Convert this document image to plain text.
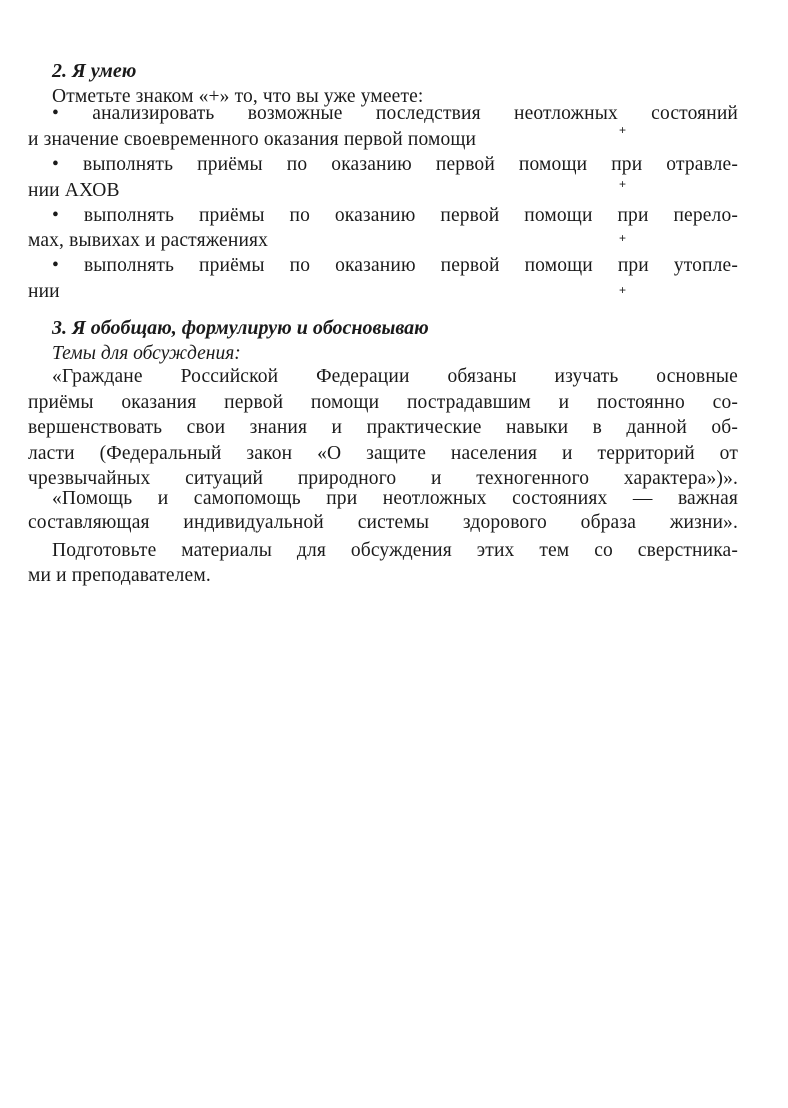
2. Я умею
Отметьте знаком «+» то, что вы уже умеете:
• анализировать возможные последствия неотложных состояний
и значение своевременного оказания первой помощи	+
• выполнять приёмы по оказанию первой помощи при отравле-
нии АХОВ	+
• выполнять приёмы по оказанию первой помощи при перело-
мах, вывихах и растяжениях	+
• выполнять приёмы по оказанию первой помощи при утопле-
нии	+
3. Я обобщаю, формулирую и обосновываю
Темы для обсуждения:
«Граждане Российской Федерации обязаны изучать основные
приёмы оказания первой помощи пострадавшим и постоянно со-
вершенствовать свои знания и практические навыки в данной об-
ласти (Федеральный закон «О защите населения и территорий от
чрезвычайных ситуаций природного и техногенного характера»)».
«Помощь и самопомощь при неотложных состояниях — важная
составляющая индивидуальной системы здорового образа жизни».
Подготовьте материалы для обсуждения этих тем со сверстника-
ми и преподавателем.
